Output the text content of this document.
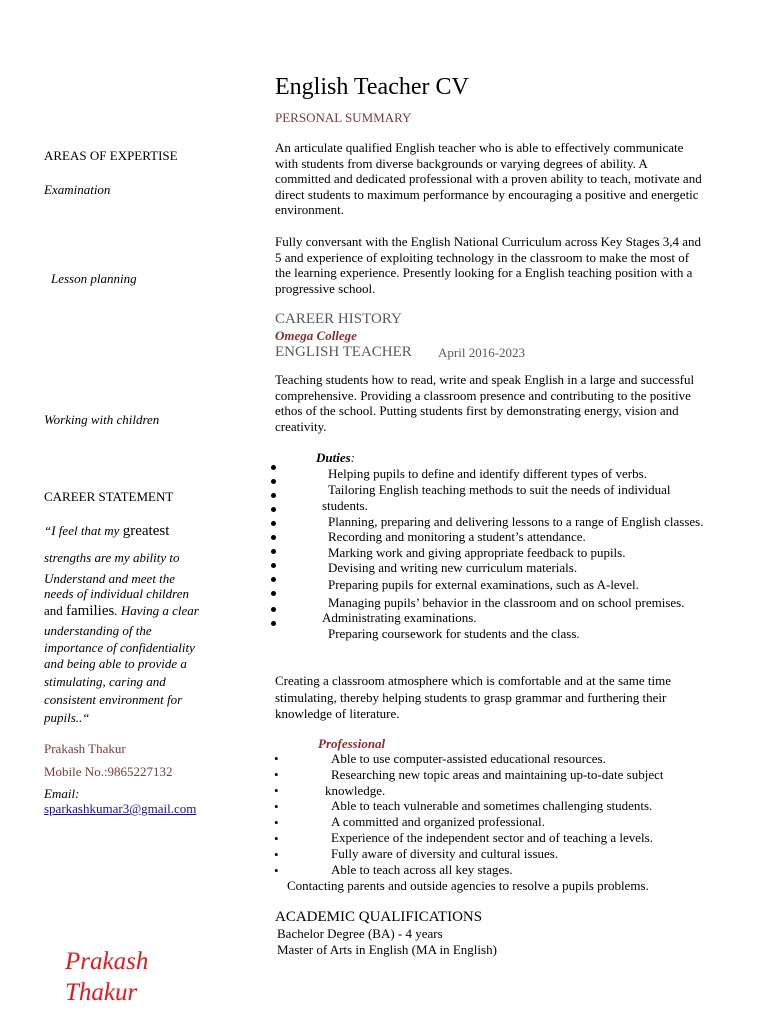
English Teacher CV
PERSONAL SUMMARY
An articulate qualified English teacher who is able to effectively communicate with students from diverse backgrounds or varying degrees of ability. A committed and dedicated professional with a proven ability to teach, motivate and direct students to maximum performance by encouraging a positive and energetic environment.
Fully conversant with the English National Curriculum across Key Stages 3,4 and 5 and experience of exploiting technology in the classroom to make the most of the learning experience. Presently looking for a English teaching position with a progressive school.
CAREER HISTORY
Omega College
ENGLISH TEACHER April 2016-2023
Teaching students how to read, write and speak English in a large and successful comprehensive. Providing a classroom presence and contributing to the positive ethos of the school. Putting students first by demonstrating energy, vision and creativity.
Duties:
Helping pupils to define and identify different types of verbs.
Tailoring English teaching methods to suit the needs of individual
students.
Planning, preparing and delivering lessons to a range of English classes.
Recording and monitoring a student’s attendance.
Marking work and giving appropriate feedback to pupils.
Devising and writing new curriculum materials.
Preparing pupils for external examinations, such as A-level.
Managing pupils’ behavior in the classroom and on school premises.
Administrating examinations.
Preparing coursework for students and the class.
Creating a classroom atmosphere which is comfortable and at the same time stimulating, thereby helping students to grasp grammar and furthering their knowledge of literature.
Professional
•
•
•
•
•
•
•
•
Able to use computer-assisted educational resources.
Researching new topic areas and maintaining up-to-date subject
knowledge.
Able to teach vulnerable and sometimes challenging students.
A committed and organized professional.
Experience of the independent sector and of teaching a levels.
Fully aware of diversity and cultural issues.
Able to teach across all key stages.
Contacting parents and outside agencies to resolve a pupils problems.
ACADEMIC QUALIFICATIONS
Bachelor Degree (BA) - 4 years
Master of Arts in English (MA in English)
AREAS OF EXPERTISE
Examination
Lesson planning
Working with children
CAREER STATEMENT
“I feel that my greatest
strengths are my ability to
Understand and meet the
needs of individual children
and families. Having a clear
understanding of the
importance of confidentiality
and being able to provide a
stimulating, caring and
consistent environment for
pupils..“
Prakash Thakur
Mobile No.:9865227132
Email:
sparkashkumar3@gmail.com
Prakash
Thakur
